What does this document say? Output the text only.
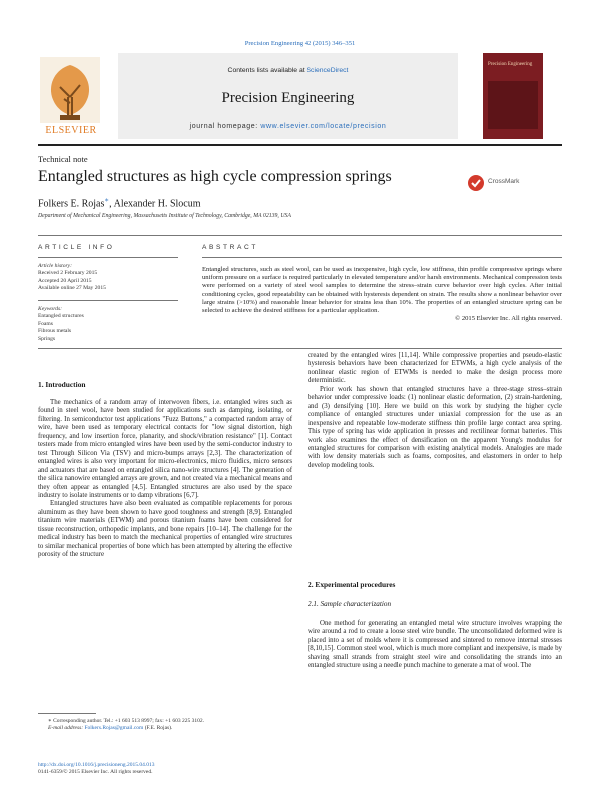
Precision Engineering 42 (2015) 346–351
ELSEVIER
Contents lists available at ScienceDirect
Precision Engineering
journal homepage: www.elsevier.com/locate/precision
Precision Engineering
Technical note
Entangled structures as high cycle compression springs	CrossMark
Folkers E. Rojas∗, Alexander H. Slocum
Department of Mechanical Engineering, Massachusetts Institute of Technology, Cambridge, MA 02139, USA
ARTICLE INFO
Article history:
Received 2 February 2015
Accepted 20 April 2015
Available online 27 May 2015
Keywords:
Entangled structures
Foams
Fibrous metals
Springs
ABSTRACT
Entangled structures, such as steel wool, can be used as inexpensive, high cycle, low stiffness, thin profile compressive springs where uniform pressure on a surface is required particularly in elevated temperature and/or harsh environments. Mechanical compression tests were performed on a variety of steel wool samples to determine the stress–strain curve behavior over high cycles. After initial conditioning cycles, good repeatability can be obtained with hysteresis dependent on strain. The results show a nonlinear behavior over large strains (>10%) and reasonable linear behavior for strains less than 10%. The properties of an entangled structure spring can be selected to achieve the desired stiffness for a particular application.
© 2015 Elsevier Inc. All rights reserved.
1. Introduction

The mechanics of a random array of interwoven fibers, i.e. entangled wires such as found in steel wool, have been studied for applications such as damping, isolating, or filtering. In semiconductor test applications "Fuzz Buttons," a compacted random array of wire, have been used as temporary electrical contacts for "low signal distortion, high frequency, and low insertion force, planarity, and shock/vibration resistance" [1]. Contact testers made from micro entangled wires have been used by the semi-conductor industry to test Through Silicon Via (TSV) and micro-bumps arrays [2,3]. The characterization of entangled wires is also very important for micro-electronics, micro fluidics, micro sensors and actuators that are based on entangled silica nano-wire structures [4]. The generation of the silica nanowire entangled arrays are grown, and not created via a mechanical means and they often appear as entangled [4,5]. Entangled structures are also used by the space industry to isolate instruments or to damp vibrations [6,7].

Entangled structures have also been evaluated as compatible replacements for porous aluminum as they have been shown to have good toughness and strength [8,9]. Entangled titanium wire materials (ETWM) and porous titanium foams have been considered for tissue reconstruction, orthopedic implants, and bone repairs [10–14]. The challenge for the medical industry has been to match the mechanical properties of entangled wire structures to similar mechanical properties of bone which has been attempted by altering the effective porosity of the structure

∗ Corresponding author. Tel.: +1 603 513 8997; fax: +1 603 225 3102.
E-mail address: Folkers.Rojas@gmail.com (F.E. Rojas).
http://dx.doi.org/10.1016/j.precisioneng.2015.04.013
0141-6359/© 2015 Elsevier Inc. All rights reserved.

created by the entangled wires [11,14]. While compressive properties and pseudo-elastic hysteresis behaviors have been characterized for ETWMs, a high cycle analysis of the nonlinear elastic region of ETWMs is needed to make the design process more deterministic.

Prior work has shown that entangled structures have a three-stage stress–strain behavior under compressive loads: (1) nonlinear elastic deformation, (2) strain-hardening, and (3) densifying [10]. Here we build on this work by studying the higher cycle compliance of entangled structures under uniaxial compression for the use as an inexpensive and repeatable low-moderate stiffness thin profile large contact area spring. This type of spring has wide application in presses and rectilinear format batteries. This work also examines the effect of densification on the apparent Young's modulus for entangled structures for comparison with existing analytical models. Analogies are made with low density materials such as foams, composites, and elastomers in order to help develop modeling tools.

2. Experimental procedures
2.1. Sample characterization

One method for generating an entangled metal wire structure involves wrapping the wire around a rod to create a loose steel wire bundle. The unconsolidated deformed wire is placed into a set of molds where it is compressed and sintered to remove internal stresses [8,10,15]. Common steel wool, which is much more compliant and inexpensive, is made by shaving small strands from straight steel wire and consolidating the strands into an entangled structure using a needle punch machine to generate a mat of wool. The
